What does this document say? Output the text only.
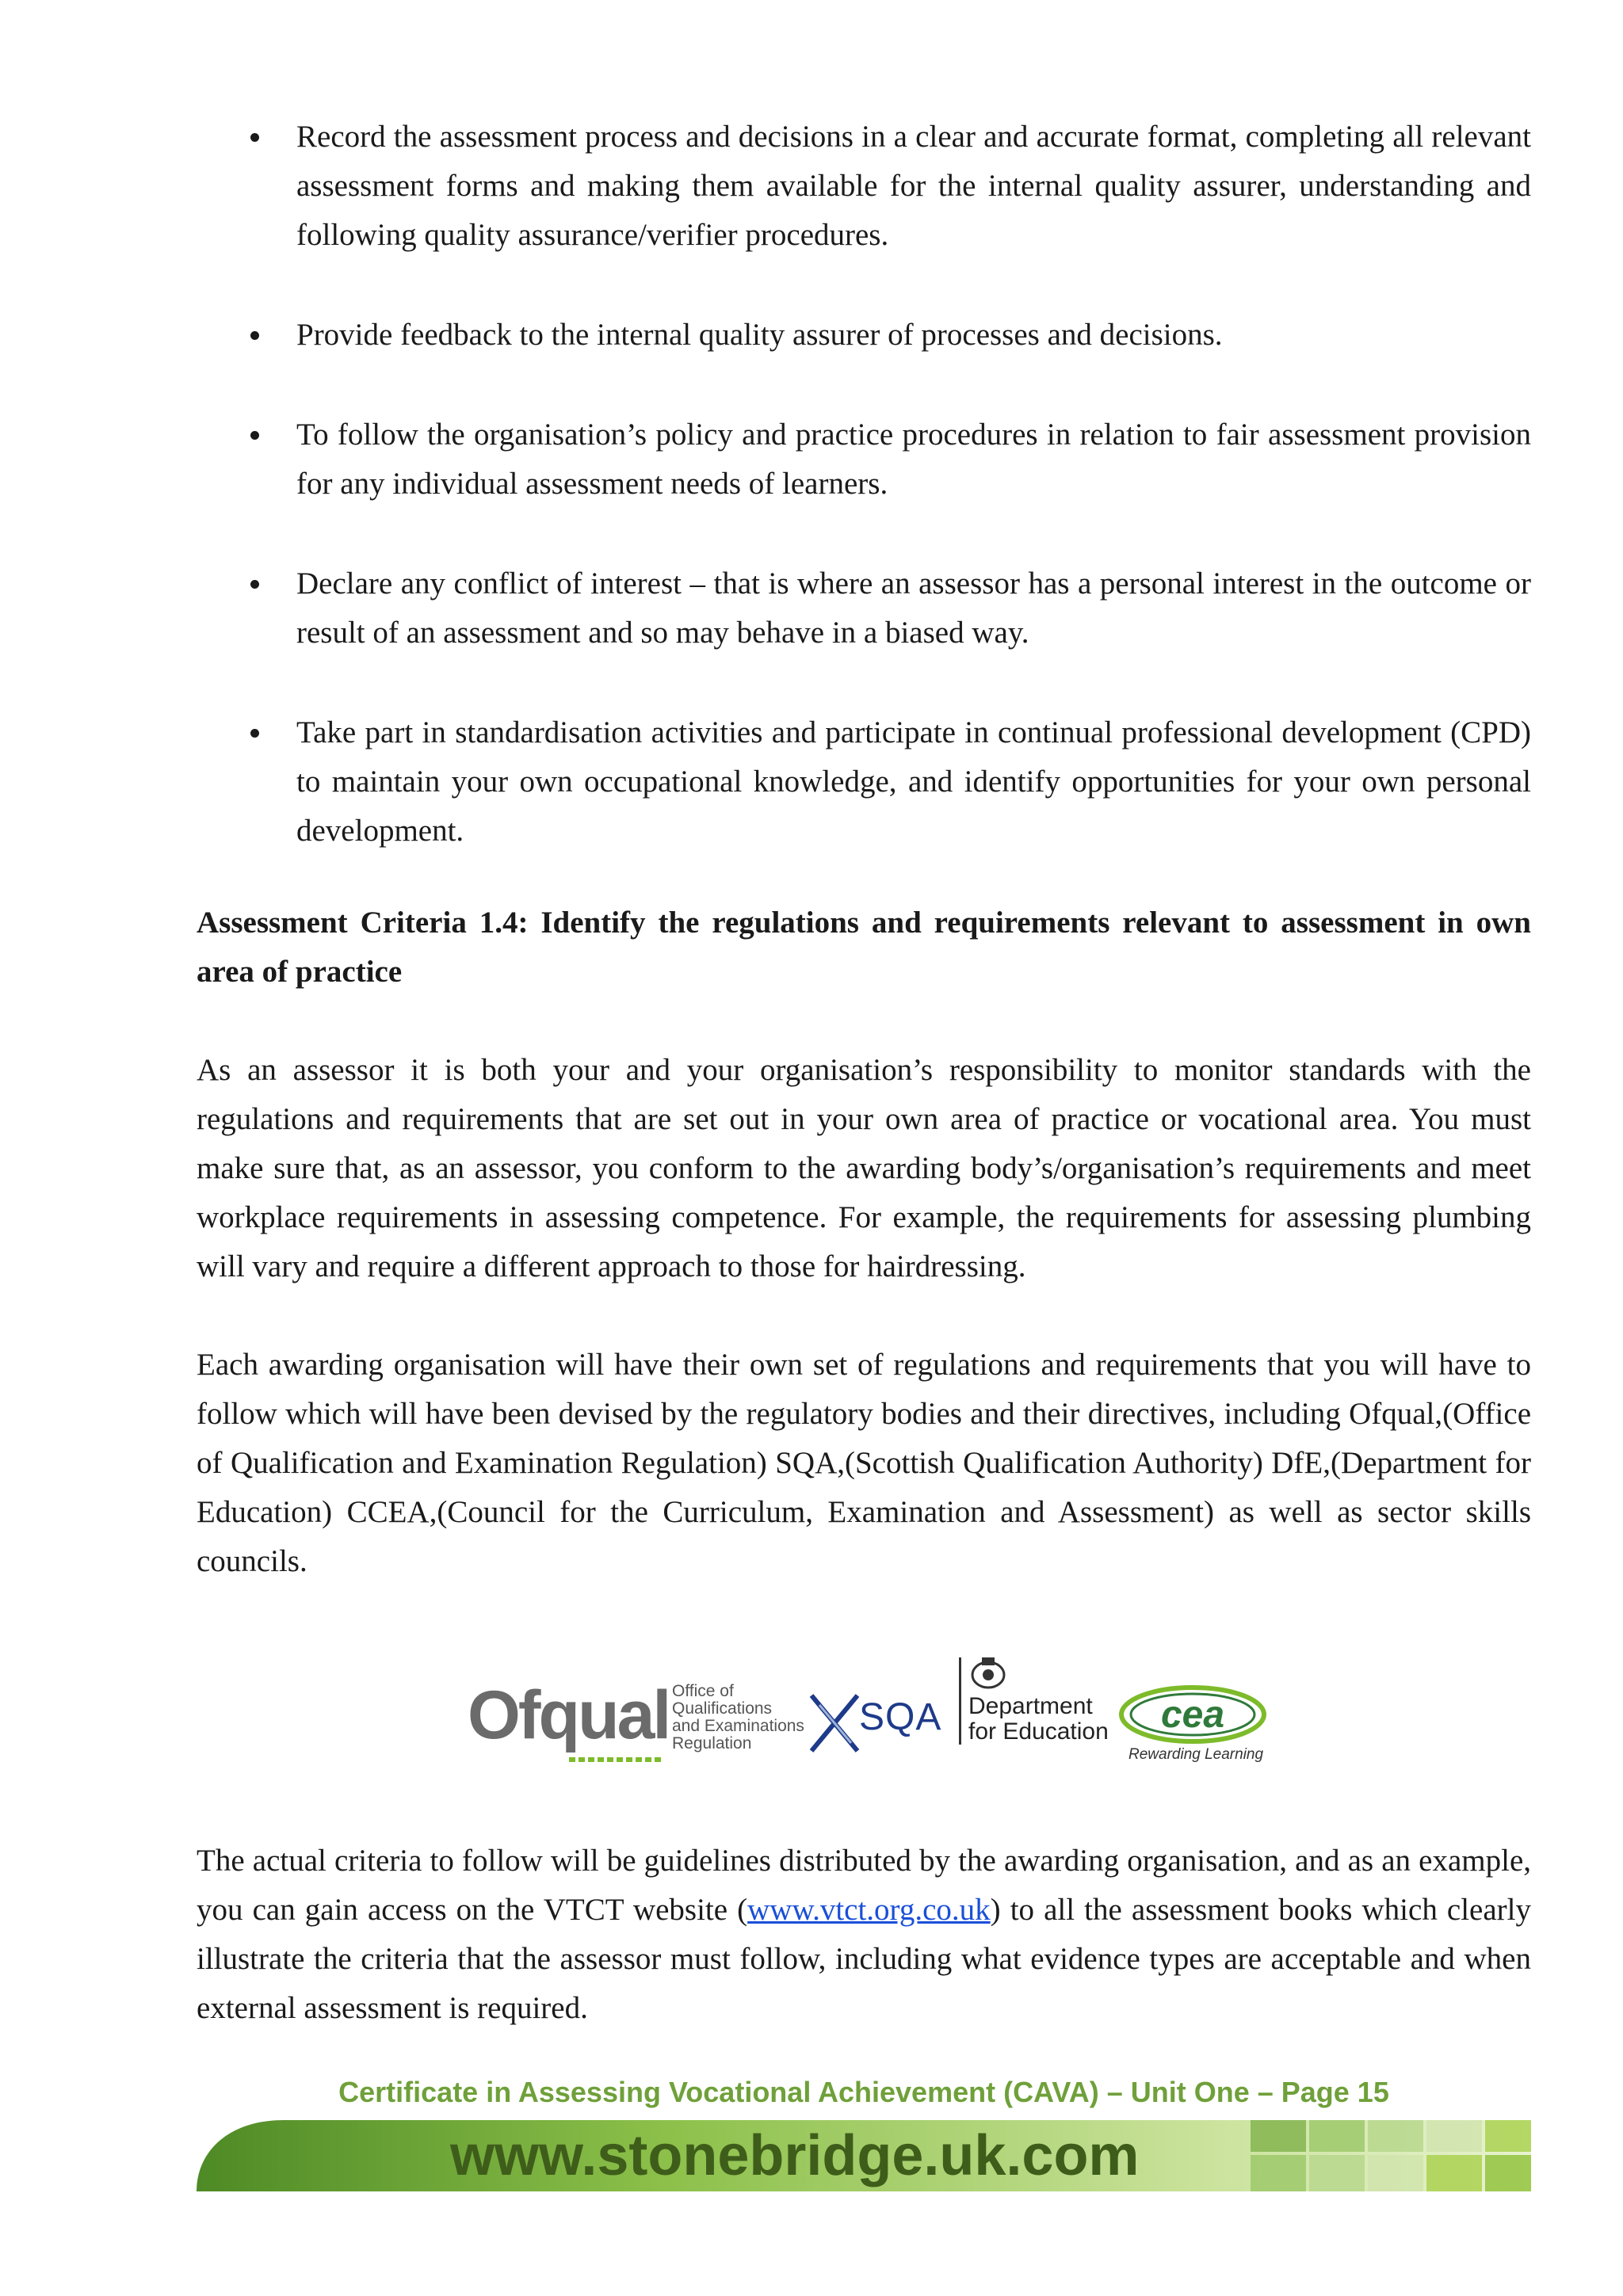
Record the assessment process and decisions in a clear and accurate format, completing all relevant assessment forms and making them available for the internal quality assurer, understanding and following quality assurance/verifier procedures.
Provide feedback to the internal quality assurer of processes and decisions.
To follow the organisation’s policy and practice procedures in relation to fair assessment provision for any individual assessment needs of learners.
Declare any conflict of interest – that is where an assessor has a personal interest in the outcome or result of an assessment and so may behave in a biased way.
Take part in standardisation activities and participate in continual professional development (CPD) to maintain your own occupational knowledge, and identify opportunities for your own personal development.

Assessment Criteria 1.4: Identify the regulations and requirements relevant to assessment in own area of practice

As an assessor it is both your and your organisation’s responsibility to monitor standards with the regulations and requirements that are set out in your own area of practice or vocational area. You must make sure that, as an assessor, you conform to the awarding body’s/organisation’s requirements and meet workplace requirements in assessing competence. For example, the requirements for assessing plumbing will vary and require a different approach to those for hairdressing.

Each awarding organisation will have their own set of regulations and requirements that you will have to follow which will have been devised by the regulatory bodies and their directives, including Ofqual,(Office of Qualification and Examination Regulation) SQA,(Scottish Qualification Authority) DfE,(Department for Education) CCEA,(Council for the Curriculum, Examination and Assessment) as well as sector skills councils.

Ofqual Office of
Qualifications
and Examinations
Regulation
SQA Department
for Education cea
Rewarding Learning

The actual criteria to follow will be guidelines distributed by the awarding organisation, and as an example, you can gain access on the VTCT website (www.vtct.org.co.uk) to all the assessment books which clearly illustrate the criteria that the assessor must follow, including what evidence types are acceptable and when external assessment is required.

Certificate in Assessing Vocational Achievement (CAVA) – Unit One – Page 15
www.stonebridge.uk.com
